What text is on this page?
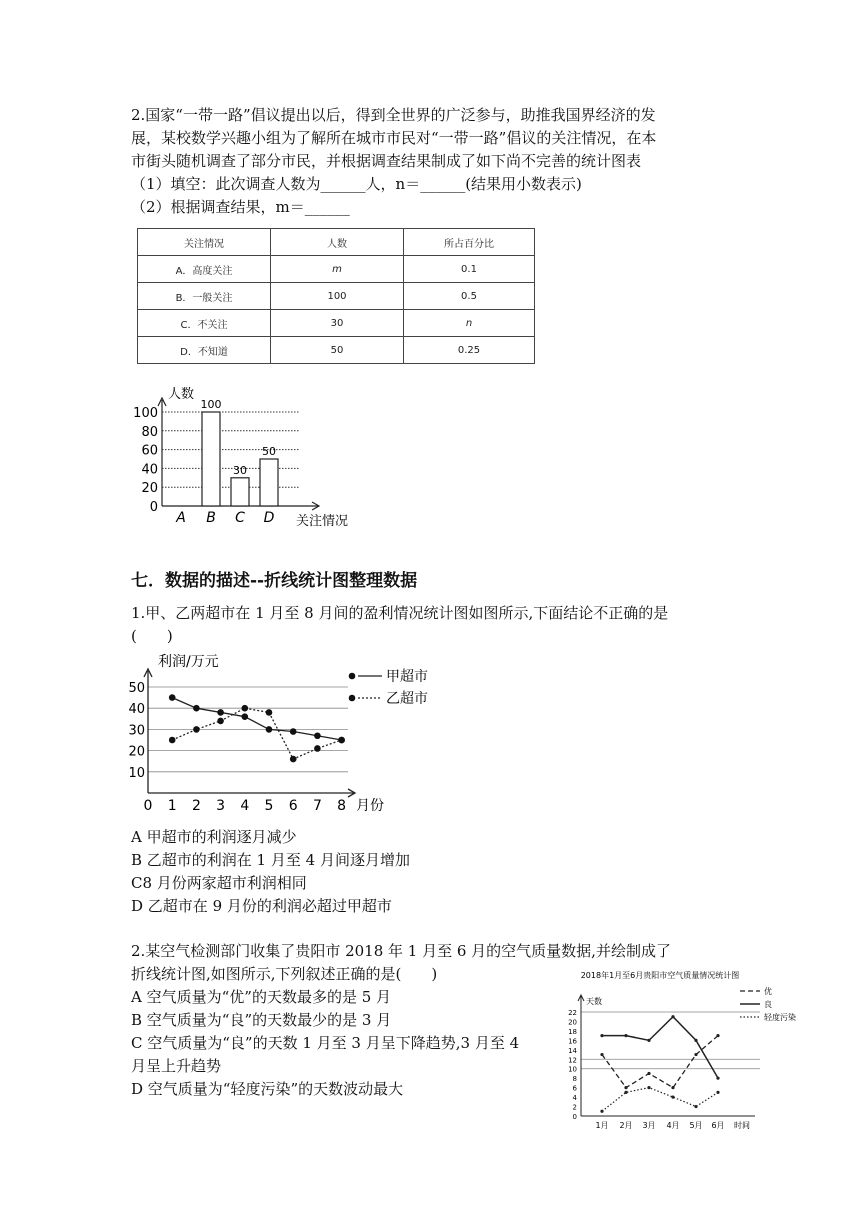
2.国家“一带一路”倡议提出以后，得到全世界的广泛参与，助推我国界经济的发
展，某校数学兴趣小组为了解所在城市市民对“一带一路”倡议的关注情况，在本
市街头随机调查了部分市民，并根据调查结果制成了如下尚不完善的统计图表
（1）填空：此次调查人数为______人，n＝______(结果用小数表示)
（2）根据调查结果，m＝______
关注情况	人数	所占百分比
A．高度关注	m	0.1
B．一般关注	100	0.5
C．不关注	30	n
D．不知道	50	0.25
0
20
40
60
80
100
人数
关注情况
A B
100
C
30
D
50
七．数据的描述--折线统计图整理数据
1.甲、乙两超市在 1 月至 8 月间的盈利情况统计图如图所示,下面结论不正确的是
(　　)
10
20
30
40
50
利润/万元
0 1 2 3 4 5 6 7 8 月份
甲超市
乙超市
A 甲超市的利润逐月减少
B 乙超市的利润在 1 月至 4 月间逐月增加
C8 月份两家超市利润相同
D 乙超市在 9 月份的利润必超过甲超市
2.某空气检测部门收集了贵阳市 2018 年 1 月至 6 月的空气质量数据,并绘制成了
折线统计图,如图所示,下列叙述正确的是(　　)
A 空气质量为“优”的天数最多的是 5 月
B 空气质量为“良”的天数最少的是 3 月
C 空气质量为“良”的天数 1 月至 3 月呈下降趋势,3 月至 4
月呈上升趋势
D 空气质量为“轻度污染”的天数波动最大
2018年1月至6月贵阳市空气质量情况统计图
0
2
4
6
8
10
12
14
16
18
20
22
天数
1月 2月 3月 4月 5月 6月 时间
优
良
轻度污染
